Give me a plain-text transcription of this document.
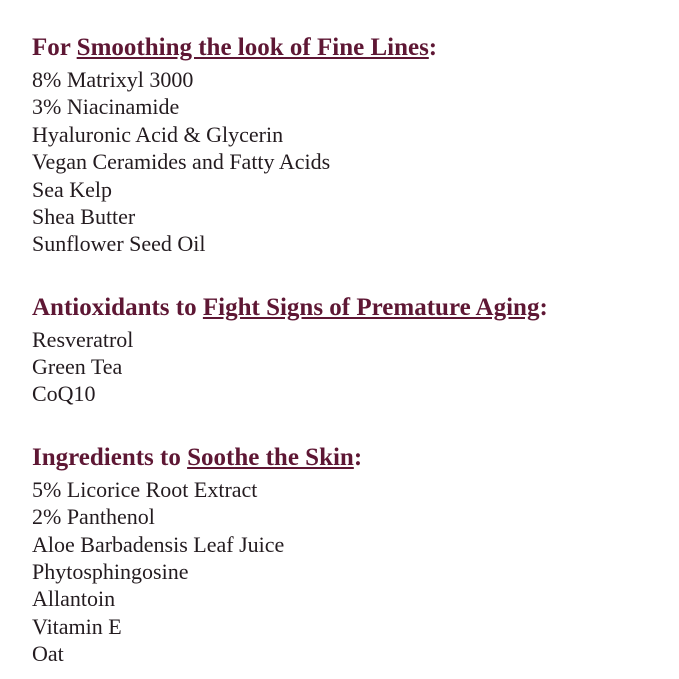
For Smoothing the look of Fine Lines:
8% Matrixyl 3000
3% Niacinamide
Hyaluronic Acid & Glycerin
Vegan Ceramides and Fatty Acids
Sea Kelp
Shea Butter
Sunflower Seed Oil
Antioxidants to Fight Signs of Premature Aging:
Resveratrol
Green Tea
CoQ10
Ingredients to Soothe the Skin:
5% Licorice Root Extract
2% Panthenol
Aloe Barbadensis Leaf Juice
Phytosphingosine
Allantoin
Vitamin E
Oat
